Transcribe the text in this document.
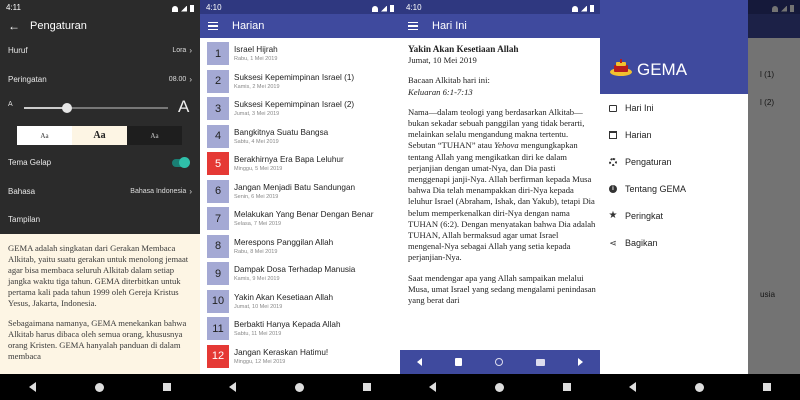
4:11
← Pengaturan
Huruf	Lora ›
Peringatan	08.00 ›
A	A
Aa	Aa	Aa
Tema Gelap
Bahasa	Bahasa Indonesia ›
Tampilan

GEMA adalah singkatan dari Gerakan Membaca Alkitab, yaitu suatu gerakan untuk menolong jemaat agar bisa membaca seluruh Alkitab dalam setiap jangka waktu tiga tahun. GEMA diterbitkan untuk pertama kali pada tahun 1999 oleh Gereja Kristus Yesus, Jakarta, Indonesia.

Sebagaimana namanya, GEMA menekankan bahwa Alkitab harus dibaca oleh semua orang, khususnya orang Kristen. GEMA hanyalah panduan di dalam membaca

4:10
Harian
1	Israel Hijrah
Rabu, 1 Mei 2019
2	Suksesi Kepemimpinan Israel (1)
Kamis, 2 Mei 2019
3	Suksesi Kepemimpinan Israel (2)
Jumat, 3 Mei 2019
4	Bangkitnya Suatu Bangsa
Sabtu, 4 Mei 2019
5	Berakhirnya Era Bapa Leluhur
Minggu, 5 Mei 2019
6	Jangan Menjadi Batu Sandungan
Senin, 6 Mei 2019
7	Melakukan Yang Benar Dengan Benar
Selasa, 7 Mei 2019
8	Merespons Panggilan Allah
Rabu, 8 Mei 2019
9	Dampak Dosa Terhadap Manusia
Kamis, 9 Mei 2019
10	Yakin Akan Kesetiaan Allah
Jumat, 10 Mei 2019
11	Berbakti Hanya Kepada Allah
Sabtu, 11 Mei 2019
12	Jangan Keraskan Hatimu!
Minggu, 12 Mei 2019
4:10
Hari Ini
Yakin Akan Kesetiaan Allah
Jumat, 10 Mei 2019
Bacaan Alkitab hari ini:
Keluaran 6:1-7:13

Nama—dalam teologi yang berdasarkan Alkitab—bukan sekadar sebuah panggilan yang tidak berarti, melainkan selalu mengandung makna tertentu. Sebutan “TUHAN” atau Yehova mengungkapkan tentang Allah yang mengikatkan diri ke dalam perjanjian dengan umat-Nya, dan Dia pasti menggenapi janji-Nya. Allah berfirman kepada Musa bahwa Dia telah menampakkan diri-Nya kepada leluhur Israel (Abraham, Ishak, dan Yakub), tetapi Dia belum memperkenalkan diri-Nya dengan nama TUHAN (6:2). Dengan menyatakan bahwa Dia adalah TUHAN, Allah bermaksud agar umat Israel mengenal-Nya sebagai Allah yang setia kepada perjanjian-Nya.

Saat mendengar apa yang Allah sampaikan melalui Musa, umat Israel yang sedang mengalami penindasan yang berat dari

GEMA
Hari Ini
Harian
Pengaturan
i	Tentang GEMA
★ Peringkat
⋖ Bagikan
